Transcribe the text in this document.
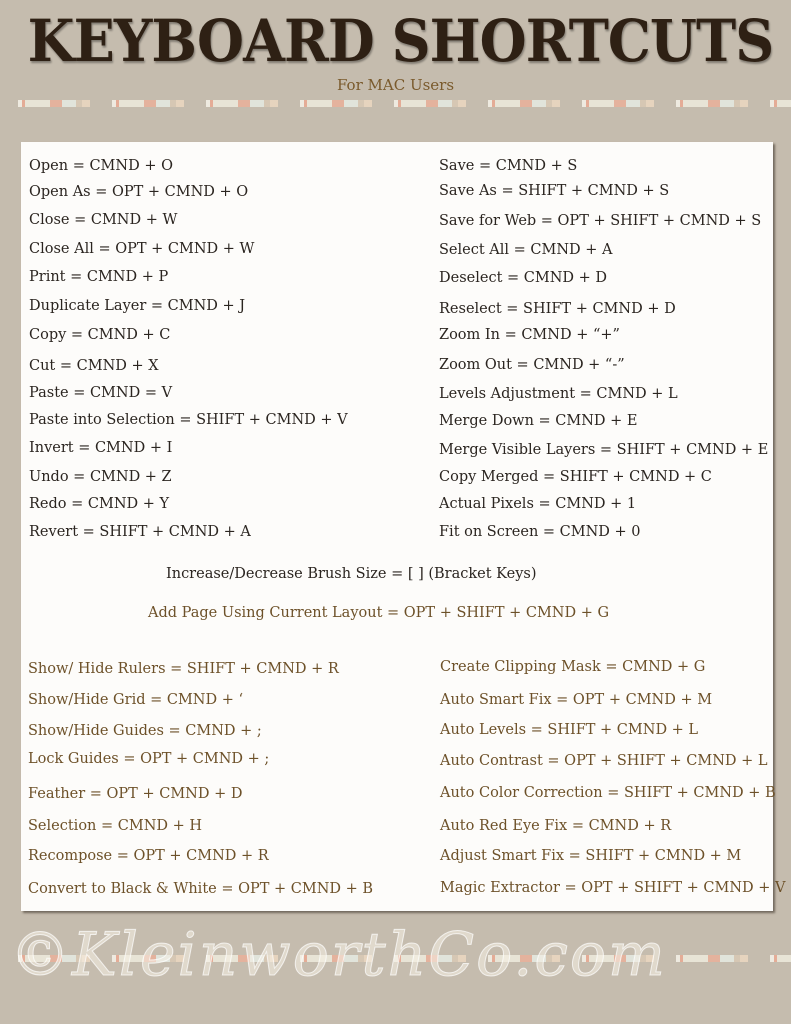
KEYBOARD SHORTCUTS
For MAC Users
Open = CMND + O
Open As = OPT + CMND + O
Close = CMND + W
Close All = OPT + CMND + W
Print = CMND + P
Duplicate Layer = CMND + J
Copy = CMND + C
Cut = CMND + X
Paste = CMND = V
Paste into Selection = SHIFT + CMND + V
Invert = CMND + I
Undo = CMND + Z
Redo = CMND + Y
Revert = SHIFT + CMND + A
Save = CMND + S
Save As = SHIFT + CMND + S
Save for Web = OPT + SHIFT + CMND + S
Select All = CMND + A
Deselect = CMND + D
Reselect = SHIFT + CMND + D
Zoom In = CMND + “+”
Zoom Out = CMND + “-”
Levels Adjustment = CMND + L
Merge Down = CMND + E
Merge Visible Layers = SHIFT + CMND + E
Copy Merged = SHIFT + CMND + C
Actual Pixels = CMND + 1
Fit on Screen = CMND + 0
Increase/Decrease Brush Size = [ ] (Bracket Keys)
Add Page Using Current Layout = OPT + SHIFT + CMND + G
Show/ Hide Rulers = SHIFT + CMND + R
Show/Hide Grid = CMND + ‘
Show/Hide Guides = CMND + ;
Lock Guides = OPT + CMND + ;
Feather = OPT + CMND + D
Selection = CMND + H
Recompose = OPT + CMND + R
Convert to Black & White = OPT + CMND + B
Create Clipping Mask = CMND + G
Auto Smart Fix = OPT + CMND + M
Auto Levels = SHIFT + CMND + L
Auto Contrast = OPT + SHIFT + CMND + L
Auto Color Correction = SHIFT + CMND + B
Auto Red Eye Fix = CMND + R
Adjust Smart Fix = SHIFT + CMND + M
Magic Extractor = OPT + SHIFT + CMND + V
©KleinworthCo.com
